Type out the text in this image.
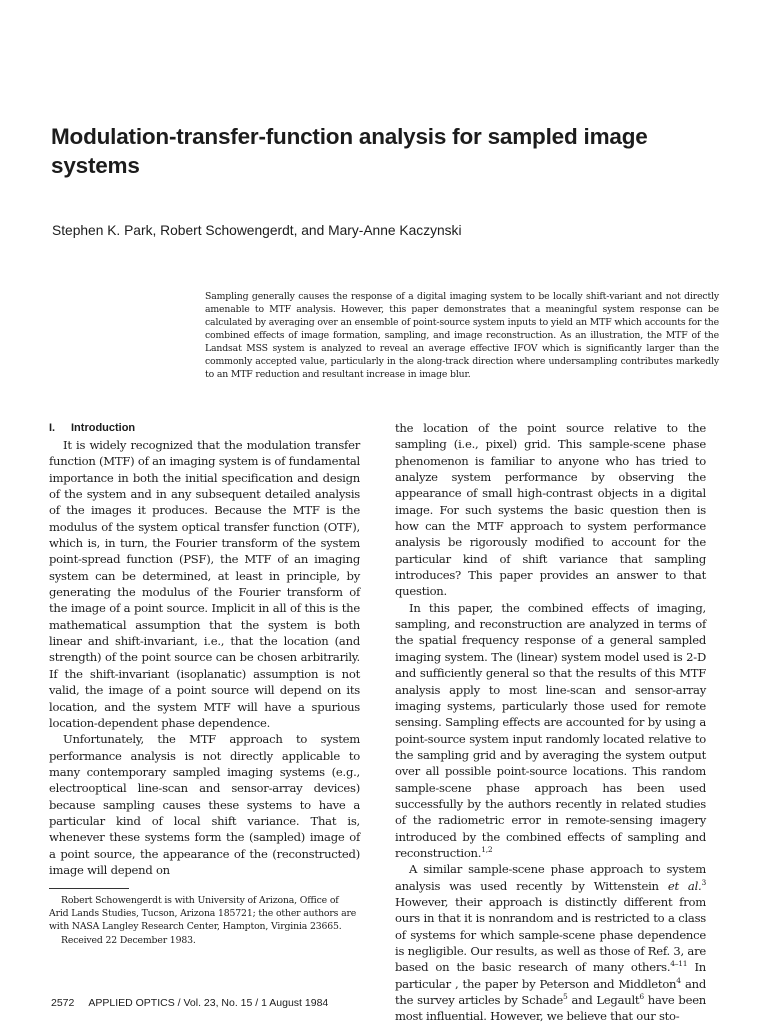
Modulation-transfer-function analysis for sampled image systems

Stephen K. Park, Robert Schowengerdt, and Mary-Anne Kaczynski

Sampling generally causes the response of a digital imaging system to be locally shift-variant and not directly amenable to MTF analysis. However, this paper demonstrates that a meaningful system response can be calculated by averaging over an ensemble of point-source system inputs to yield an MTF which accounts for the combined effects of image formation, sampling, and image reconstruction. As an illustration, the MTF of the Landsat MSS system is analyzed to reveal an average effective IFOV which is significantly larger than the commonly accepted value, particularly in the along-track direction where undersampling contributes markedly to an MTF reduction and resultant increase in image blur.

I. Introduction

It is widely recognized that the modulation transfer function (MTF) of an imaging system is of fundamental importance in both the initial specification and design of the system and in any subsequent detailed analysis of the images it produces. Because the MTF is the modulus of the system optical transfer function (OTF), which is, in turn, the Fourier transform of the system point-spread function (PSF), the MTF of an imaging system can be determined, at least in principle, by generating the modulus of the Fourier transform of the image of a point source. Implicit in all of this is the mathematical assumption that the system is both linear and shift-invariant, i.e., that the location (and strength) of the point source can be chosen arbitrarily. If the shift-invariant (isoplanatic) assumption is not valid, the image of a point source will depend on its location, and the system MTF will have a spurious location-dependent phase dependence.

Unfortunately, the MTF approach to system performance analysis is not directly applicable to many contemporary sampled imaging systems (e.g., electrooptical line-scan and sensor-array devices) because sampling causes these systems to have a particular kind of local shift variance. That is, whenever these systems form the (sampled) image of a point source, the appearance of the (reconstructed) image will depend on

the location of the point source relative to the sampling (i.e., pixel) grid. This sample-scene phase phenomenon is familiar to anyone who has tried to analyze system performance by observing the appearance of small high-contrast objects in a digital image. For such systems the basic question then is how can the MTF approach to system performance analysis be rigorously modified to account for the particular kind of shift variance that sampling introduces? This paper provides an answer to that question.

In this paper, the combined effects of imaging, sampling, and reconstruction are analyzed in terms of the spatial frequency response of a general sampled imaging system. The (linear) system model used is 2-D and sufficiently general so that the results of this MTF analysis apply to most line-scan and sensor-array imaging systems, particularly those used for remote sensing. Sampling effects are accounted for by using a point-source system input randomly located relative to the sampling grid and by averaging the system output over all possible point-source locations. This random sample-scene phase approach has been used successfully by the authors recently in related studies of the radiometric error in remote-sensing imagery introduced by the combined effects of sampling and reconstruction.$^{1,2}$

A similar sample-scene phase approach to system analysis was used recently by Wittenstein et al.$^3$ However, their approach is distinctly different from ours in that it is nonrandom and is restricted to a class of systems for which sample-scene phase dependence is negligible. Our results, as well as those of Ref. 3, are based on the basic research of many others.$^{4-11}$ In particular , the paper by Peterson and Middleton$^4$ and the survey articles by Schade$^5$ and Legault$^6$ have been most influential. However, we believe that our sto-

Robert Schowengerdt is with University of Arizona, Office of Arid Lands Studies, Tucson, Arizona 185721; the other authors are with NASA Langley Research Center, Hampton, Virginia 23665.

Received 22 December 1983.

2572 APPLIED OPTICS / Vol. 23, No. 15 / 1 August 1984
